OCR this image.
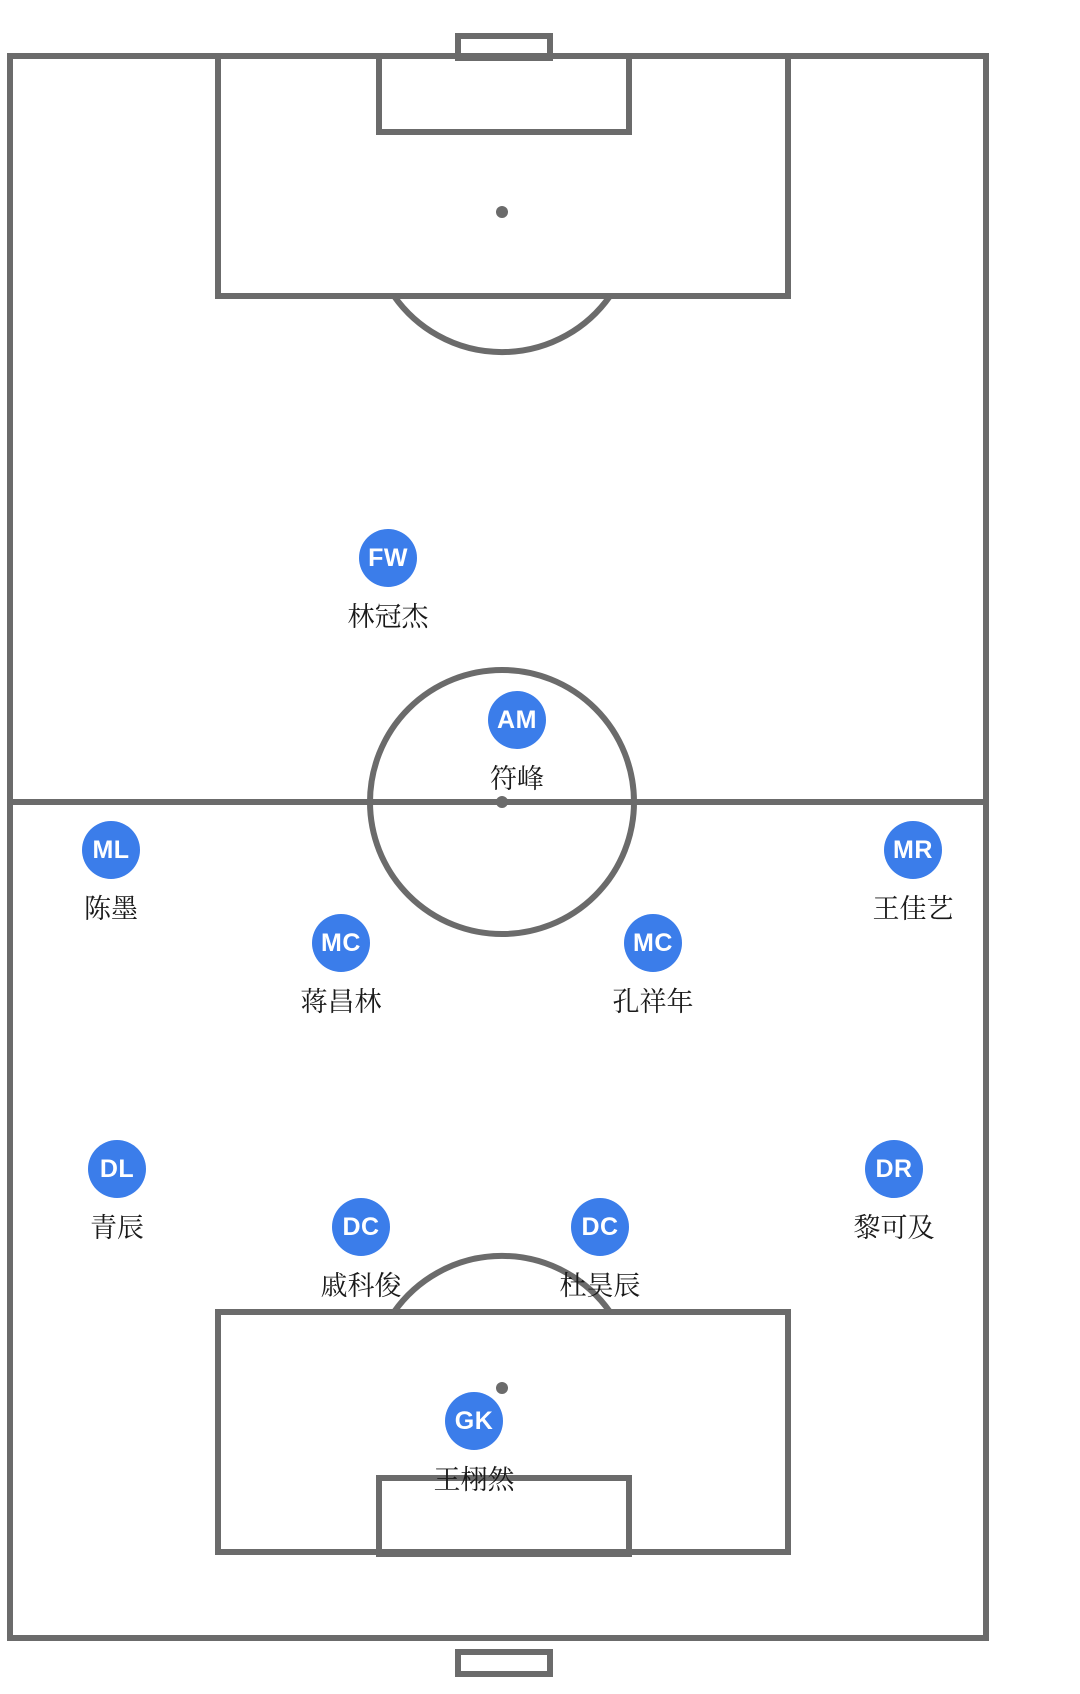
FW
林冠杰
AM
符峰
ML
陈墨
MR
王佳艺
MC
蒋昌林
MC
孔祥年
DL
青辰
DR
黎可及
DC
戚科俊
DC
杜昊辰
GK
王栩然
